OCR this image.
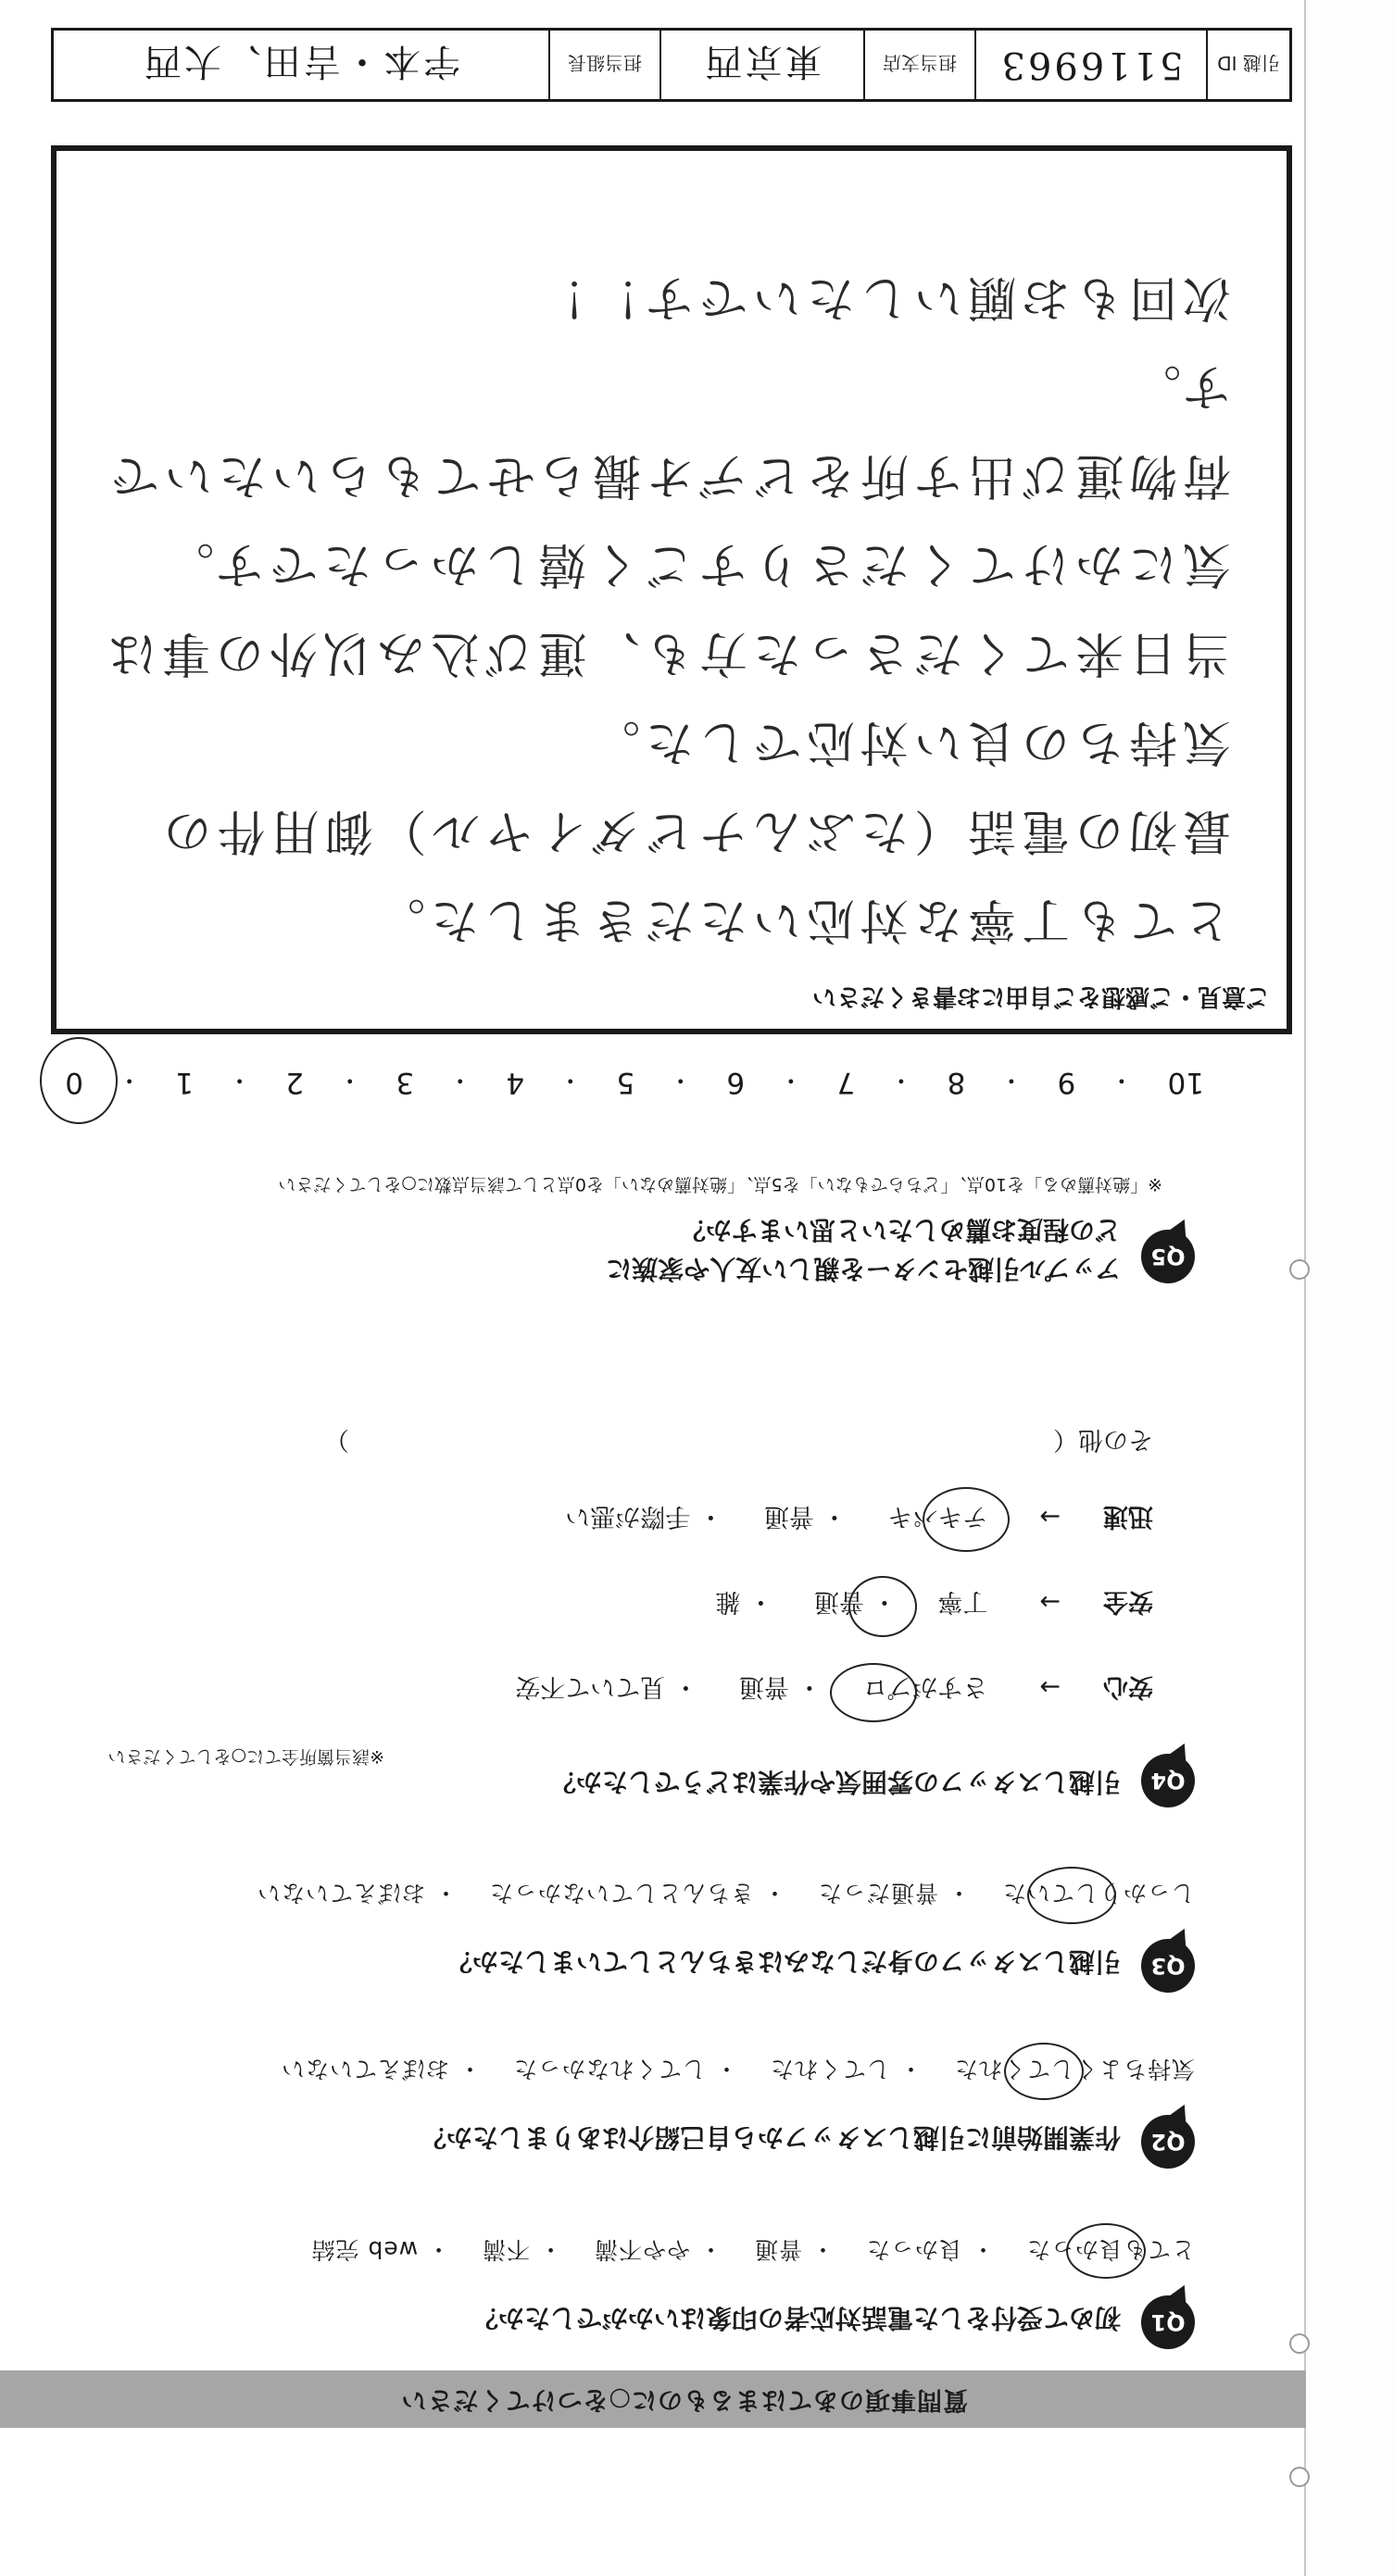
質問事項のあてはまるものに○をつけてください
Q1
初めて受付をした電話対応者の印象はいかがでしたか？
とても良かった・ 良かった・ 普通・ やや不満・ 不満・ web 完結
Q2
作業開始前に引越しスタッフから自己紹介はありましたか？
気持ちよくしてくれた・ してくれた・ してくれなかった・ おぼえていない
Q3
引越しスタッフの身だしなみはきちんとしていましたか？
しっかりしていた・ 普通だった・ きちんとしていなかった・ おぼえていない
Q4
引越しスタッフの雰囲気や作業はどうでしたか？
※該当箇所全てに○をしてください
安心→ さすがプロ・ 普通・ 見ていて不安
安全→ 丁寧・ 普通・ 雑
迅速→ テキパキ・ 普通・ 手際が悪い
その他（）
Q5
アップル引越センターを親しい友人や家族に
どの程度お薦めしたいと思いますか？
※「絶対薦める」を10点、「どちらでもない」を5点、「絶対薦めない」を0点として該当点数に○をしてください
10
・
9
・
8
・
7
・
6
・
5
・
4
・
3
・
2
・
1
・
0
ご意見・ご感想をご自由にお書きください
とても丁寧な対応いただきました。
最初の電話（たぶんナビダイヤル）御用件の
気持ちの良い対応でした。
当日来てくださった方も、運び込み以外の事は
気にかけてくださりすごく嬉しかったです。
荷物運び出す所をビデオ撮らせてもらいたいです。
次回もお願いしたいです！！
引越 ID
5116963
担当支店
東京西
担当組長
宇本・吉田、大西
